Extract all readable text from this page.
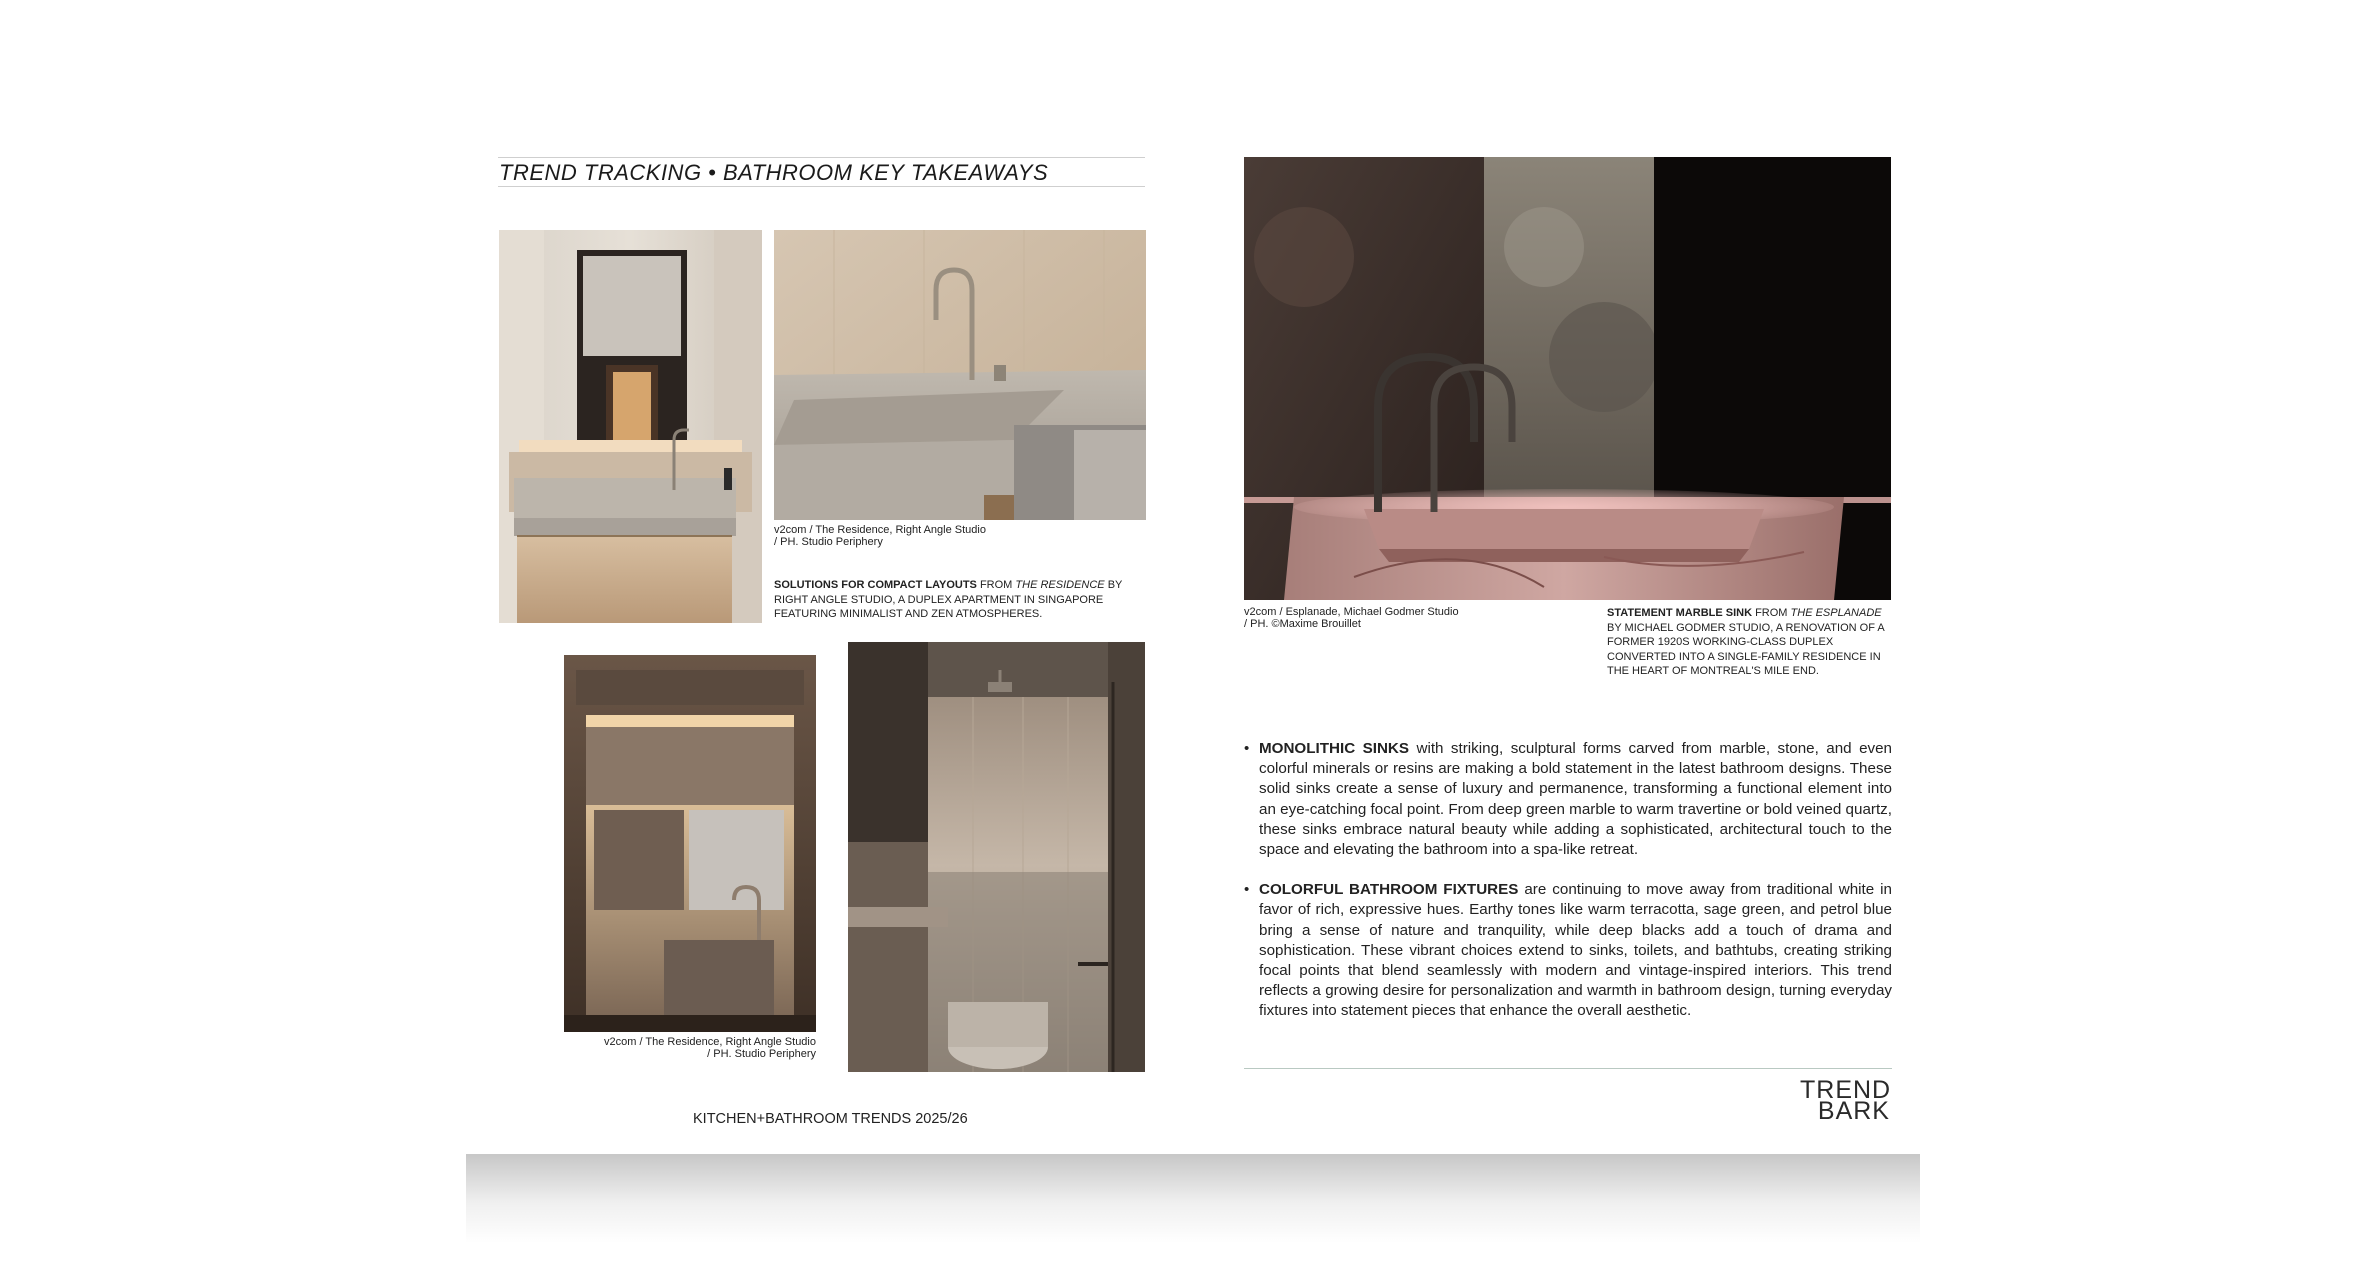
TREND TRACKING • BATHROOM KEY TAKEAWAYS
v2com / The Residence, Right Angle Studio
/ PH. Studio Periphery
SOLUTIONS FOR COMPACT LAYOUTS FROM THE RESIDENCE BY RIGHT ANGLE STUDIO, A DUPLEX APARTMENT IN SINGAPORE FEATURING MINIMALIST AND ZEN ATMOSPHERES.
v2com / The Residence, Right Angle Studio
/ PH. Studio Periphery
v2com / Esplanade, Michael Godmer Studio
/ PH. ©Maxime Brouillet
STATEMENT MARBLE SINK FROM THE ESPLANADE BY MICHAEL GODMER STUDIO, A RENOVATION OF A FORMER 1920S WORKING-CLASS DUPLEX CONVERTED INTO A SINGLE-FAMILY RESIDENCE IN THE HEART OF MONTREAL'S MILE END.
• MONOLITHIC SINKS with striking, sculptural forms carved from marble, stone, and even colorful minerals or resins are making a bold statement in the latest bathroom designs. These solid sinks create a sense of luxury and permanence, transforming a functional element into an eye-catching focal point. From deep green marble to warm travertine or bold veined quartz, these sinks embrace natural beauty while adding a sophisticated, architectural touch to the space and elevating the bathroom into a spa-like retreat.
• COLORFUL BATHROOM FIXTURES are continuing to move away from traditional white in favor of rich, expressive hues. Earthy tones like warm terracotta, sage green, and petrol blue bring a sense of nature and tranquility, while deep blacks add a touch of drama and sophistication. These vibrant choices extend to sinks, toilets, and bathtubs, creating striking focal points that blend seamlessly with modern and vintage-inspired interiors. This trend reflects a growing desire for personalization and warmth in bathroom design, turning everyday fixtures into statement pieces that enhance the overall aesthetic.
KITCHEN+BATHROOM TRENDS 2025/26
TREND
BARK
